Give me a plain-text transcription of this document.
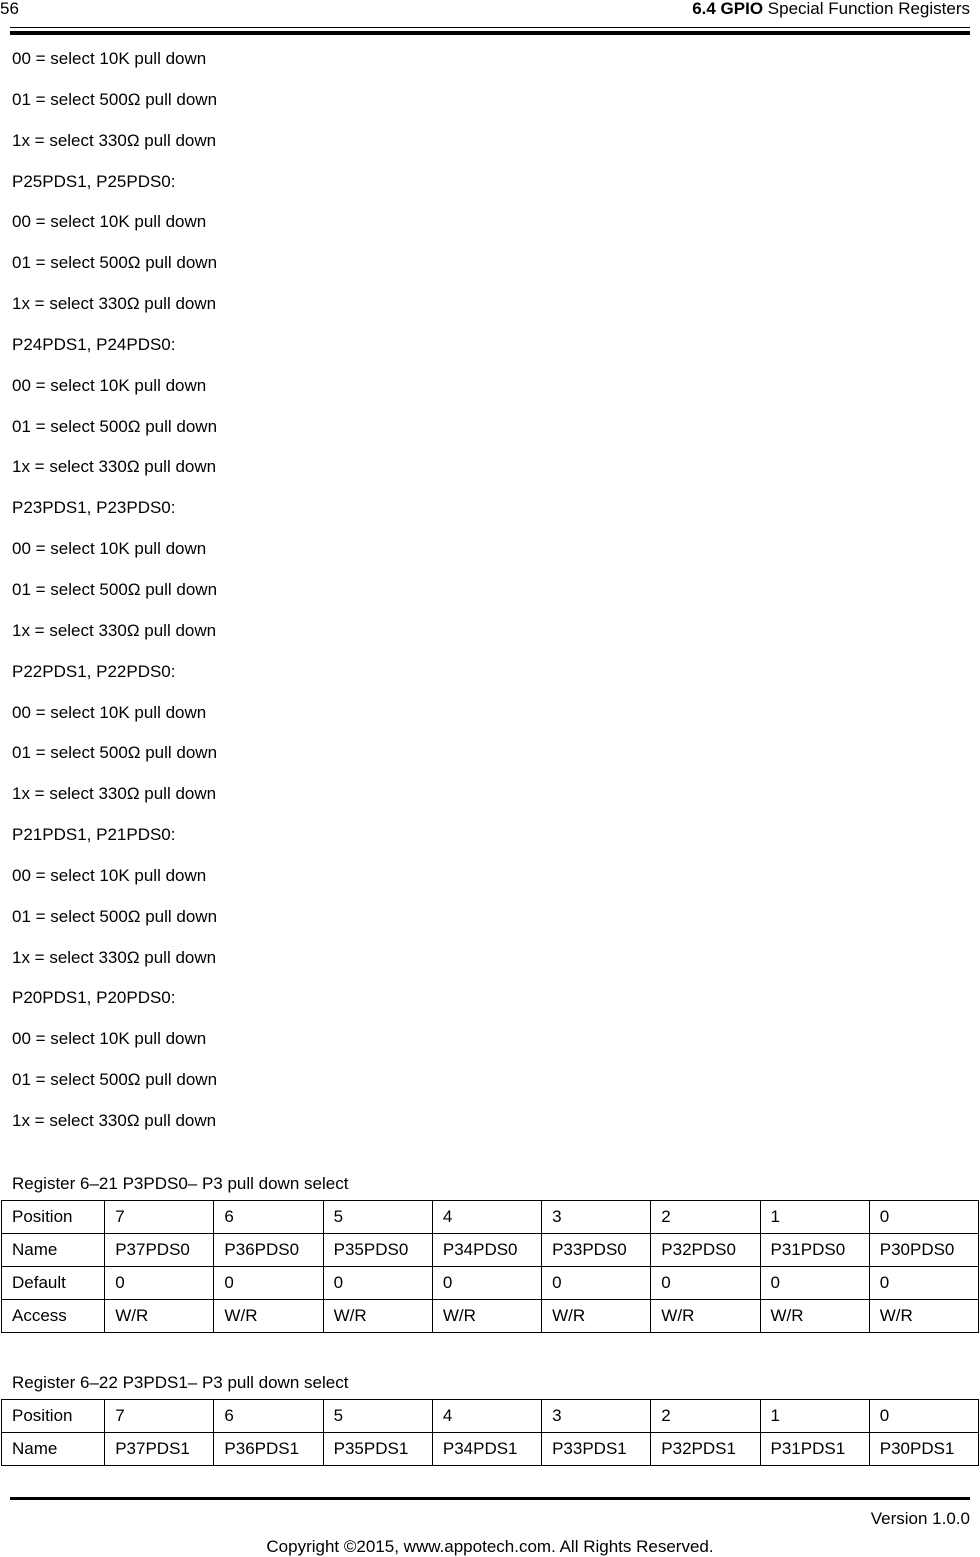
56	6.4 GPIO Special Function Registers
00 = select 10K pull down
01 = select 500Ω pull down
1x = select 330Ω pull down
P25PDS1, P25PDS0:
00 = select 10K pull down
01 = select 500Ω pull down
1x = select 330Ω pull down
P24PDS1, P24PDS0:
00 = select 10K pull down
01 = select 500Ω pull down
1x = select 330Ω pull down
P23PDS1, P23PDS0:
00 = select 10K pull down
01 = select 500Ω pull down
1x = select 330Ω pull down
P22PDS1, P22PDS0:
00 = select 10K pull down
01 = select 500Ω pull down
1x = select 330Ω pull down
P21PDS1, P21PDS0:
00 = select 10K pull down
01 = select 500Ω pull down
1x = select 330Ω pull down
P20PDS1, P20PDS0:
00 = select 10K pull down
01 = select 500Ω pull down
1x = select 330Ω pull down
Register 6–21 P3PDS0– P3 pull down select
Position	7	6	5	4	3	2	1	0
Name	P37PDS0	P36PDS0	P35PDS0	P34PDS0	P33PDS0	P32PDS0	P31PDS0	P30PDS0
Default	0	0	0	0	0	0	0	0
Access	W/R	W/R	W/R	W/R	W/R	W/R	W/R	W/R
Register 6–22 P3PDS1– P3 pull down select
Position	7	6	5	4	3	2	1	0
Name	P37PDS1	P36PDS1	P35PDS1	P34PDS1	P33PDS1	P32PDS1	P31PDS1	P30PDS1
Version 1.0.0
Copyright ©2015, www.appotech.com. All Rights Reserved.
